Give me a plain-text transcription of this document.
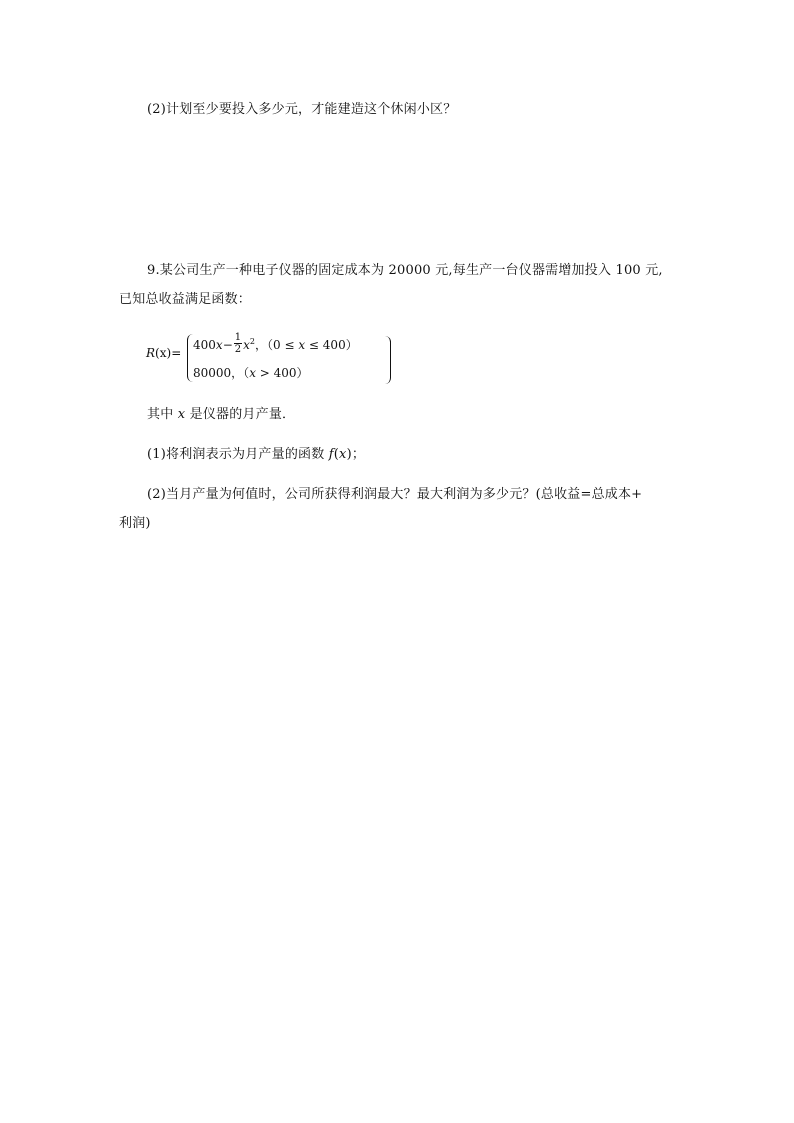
(2)计划至少要投入多少元，才能建造这个休闲小区？
9.某公司生产一种电子仪器的固定成本为 20000 元,每生产一台仪器需增加投入 100 元,
已知总收益满足函数：
R(x)=
$400x- \frac{1}{2} x^2$，（0 ≤ x ≤ 400）
80000，（x > 400）
其中 x 是仪器的月产量．
(1)将利润表示为月产量的函数 f(x)；
(2)当月产量为何值时，公司所获得利润最大？最大利润为多少元？(总收益=总成本+
利润)
